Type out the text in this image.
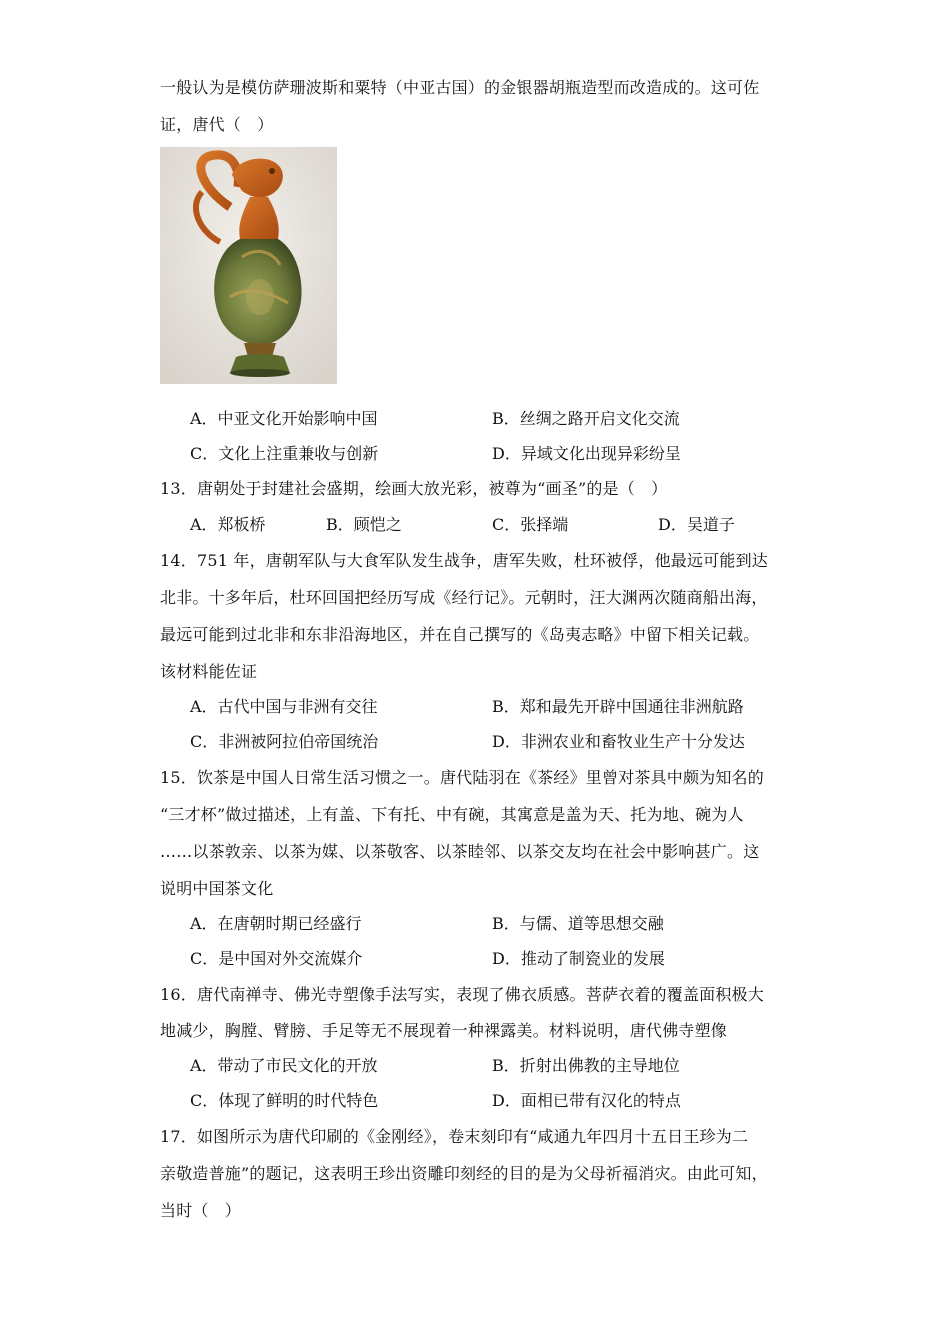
一般认为是模仿萨珊波斯和粟特（中亚古国）的金银器胡瓶造型而改造成的。这可佐
证，唐代（　）
A．中亚文化开始影响中国	B．丝绸之路开启文化交流
C．文化上注重兼收与创新	D．异域文化出现异彩纷呈
13．唐朝处于封建社会盛期，绘画大放光彩，被尊为“画圣”的是（　）
A．郑板桥	B．顾恺之	C．张择端	D．吴道子
14．751 年，唐朝军队与大食军队发生战争，唐军失败，杜环被俘，他最远可能到达
北非。十多年后，杜环回国把经历写成《经行记》。元朝时，汪大渊两次随商船出海，
最远可能到过北非和东非沿海地区，并在自己撰写的《岛夷志略》中留下相关记载。
该材料能佐证
A．古代中国与非洲有交往	B．郑和最先开辟中国通往非洲航路
C．非洲被阿拉伯帝国统治	D．非洲农业和畜牧业生产十分发达
15．饮茶是中国人日常生活习惯之一。唐代陆羽在《茶经》里曾对茶具中颇为知名的
“三才杯”做过描述，上有盖、下有托、中有碗，其寓意是盖为天、托为地、碗为人
……以茶敦亲、以茶为媒、以茶敬客、以茶睦邻、以茶交友均在社会中影响甚广。这
说明中国茶文化
A．在唐朝时期已经盛行	B．与儒、道等思想交融
C．是中国对外交流媒介	D．推动了制瓷业的发展
16．唐代南禅寺、佛光寺塑像手法写实，表现了佛衣质感。菩萨衣着的覆盖面积极大
地减少，胸膛、臂膀、手足等无不展现着一种裸露美。材料说明，唐代佛寺塑像
A．带动了市民文化的开放	B．折射出佛教的主导地位
C．体现了鲜明的时代特色	D．面相已带有汉化的特点
17．如图所示为唐代印刷的《金刚经》，卷末刻印有“咸通九年四月十五日王珍为二
亲敬造普施”的题记，这表明王珍出资雕印刻经的目的是为父母祈福消灾。由此可知，
当时（　）
